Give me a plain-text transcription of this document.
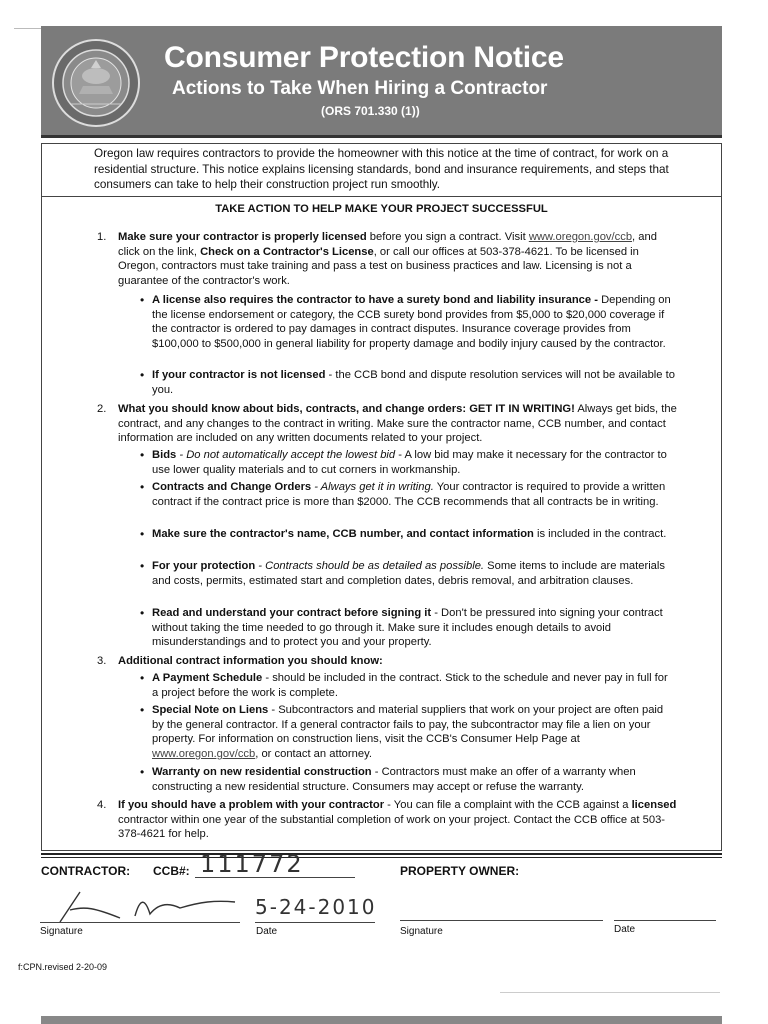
Consumer Protection Notice
Actions to Take When Hiring a Contractor
(ORS 701.330 (1))
Oregon law requires contractors to provide the homeowner with this notice at the time of contract, for work on a residential structure. This notice explains licensing standards, bond and insurance requirements, and steps that consumers can take to help their construction project run smoothly.
TAKE ACTION TO HELP MAKE YOUR PROJECT SUCCESSFUL
1.	Make sure your contractor is properly licensed before you sign a contract. Visit www.oregon.gov/ccb, and click on the link, Check on a Contractor's License, or call our offices at 503-378-4621. To be licensed in Oregon, contractors must take training and pass a test on business practices and law. Licensing is not a guarantee of the contractor's work.
• A license also requires the contractor to have a surety bond and liability insurance - Depending on the license endorsement or category, the CCB surety bond provides from $5,000 to $20,000 coverage if the contractor is ordered to pay damages in contract disputes. Insurance coverage provides from $100,000 to $500,000 in general liability for property damage and bodily injury caused by the contractor.
• If your contractor is not licensed - the CCB bond and dispute resolution services will not be available to you.
2.	What you should know about bids, contracts, and change orders: GET IT IN WRITING! Always get bids, the contract, and any changes to the contract in writing. Make sure the contractor name, CCB number, and contact information are included on any written documents related to your project.
• Bids - Do not automatically accept the lowest bid - A low bid may make it necessary for the contractor to use lower quality materials and to cut corners in workmanship.
• Contracts and Change Orders - Always get it in writing. Your contractor is required to provide a written contract if the contract price is more than $2000. The CCB recommends that all contracts be in writing.
• Make sure the contractor's name, CCB number, and contact information is included in the contract.
• For your protection - Contracts should be as detailed as possible. Some items to include are materials and costs, permits, estimated start and completion dates, debris removal, and arbitration clauses.
• Read and understand your contract before signing it - Don't be pressured into signing your contract without taking the time needed to go through it. Make sure it includes enough details to avoid misunderstandings and to protect you and your property.
3.	Additional contract information you should know:
• A Payment Schedule - should be included in the contract. Stick to the schedule and never pay in full for a project before the work is complete.
• Special Note on Liens - Subcontractors and material suppliers that work on your project are often paid by the general contractor. If a general contractor fails to pay, the subcontractor may file a lien on your property. For information on construction liens, visit the CCB's Consumer Help Page at www.oregon.gov/ccb, or contact an attorney.
• Warranty on new residential construction - Contractors must make an offer of a warranty when constructing a new residential structure. Consumers may accept or refuse the warranty.
4.	If you should have a problem with your contractor - You can file a complaint with the CCB against a licensed contractor within one year of the substantial completion of work on your project. Contact the CCB office at 503-378-4621 for help.
CONTRACTOR: CCB#: 111772	PROPERTY OWNER:
5-24-2010
Signature	Date	Signature	Date
f:CPN.revised 2-20-09
